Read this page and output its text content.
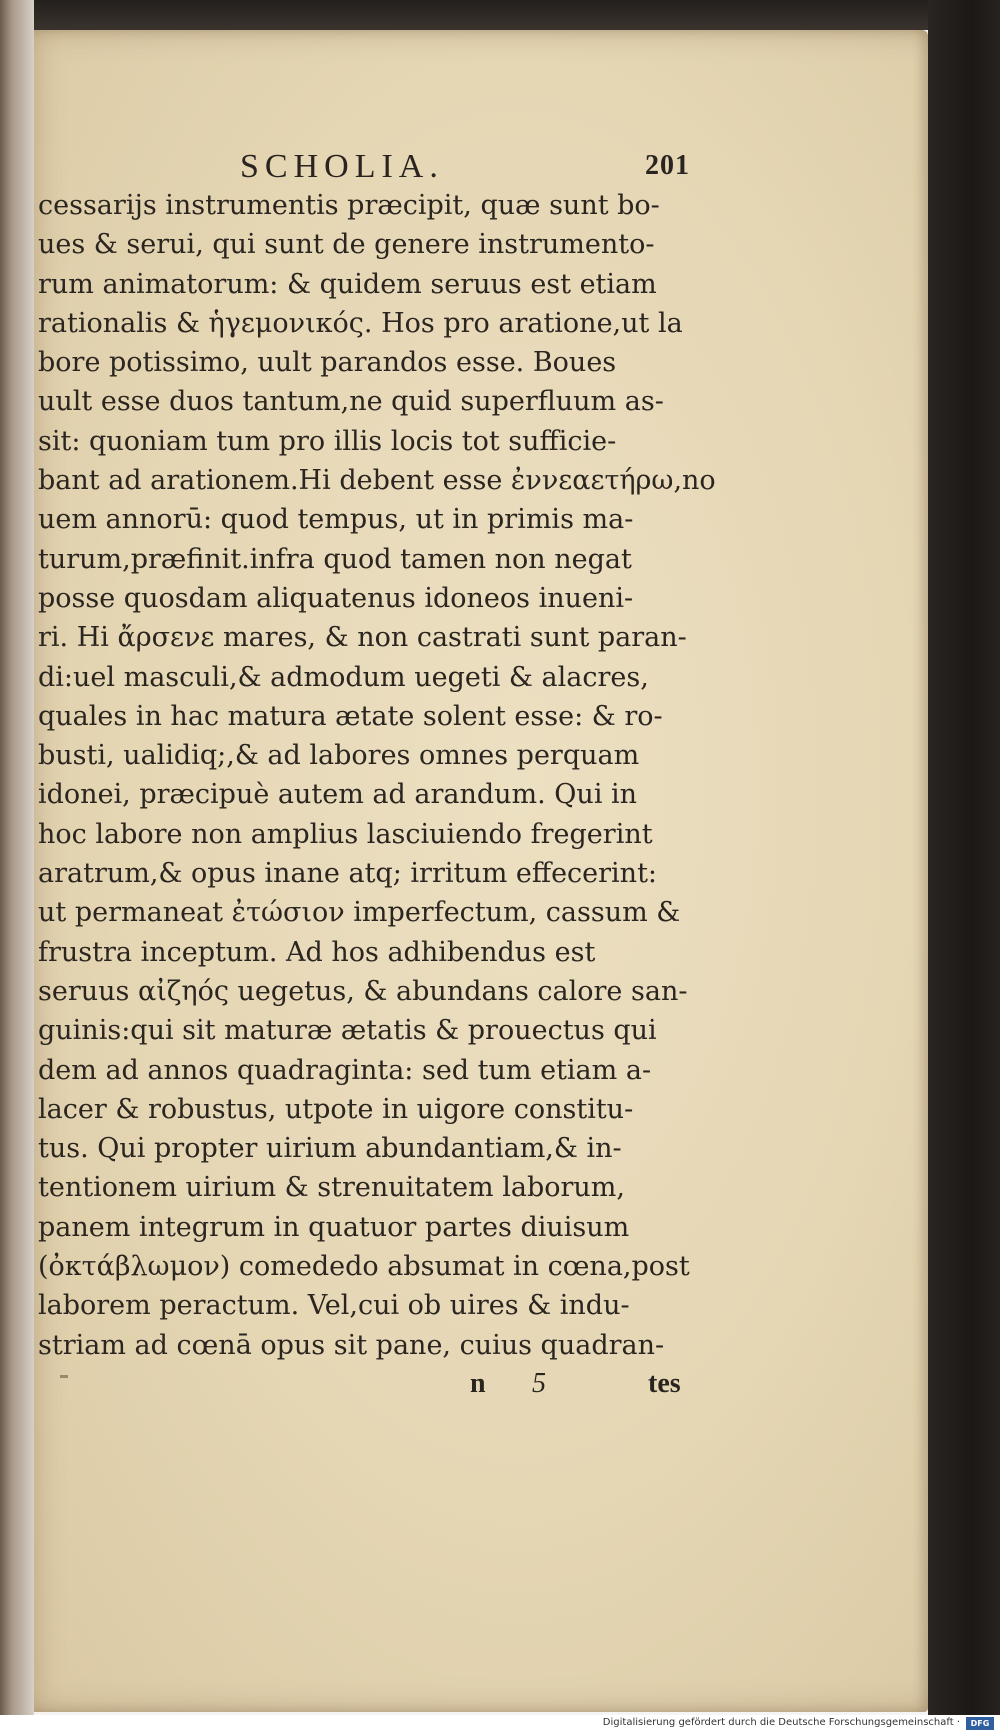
SCHOLIA.	201
cessarijs instrumentis præcipit, quæ sunt bo-
ues & serui, qui sunt de genere instrumento-
rum animatorum: & quidem seruus est etiam
rationalis & ἡγεμονικός. Hos pro aratione,ut la
bore potissimo, uult parandos esse. Boues
uult esse duos tantum,ne quid superfluum as-
sit: quoniam tum pro illis locis tot sufficie-
bant ad arationem.Hi debent esse ἐννεαετήρω,no
uem annorū: quod tempus, ut in primis ma-
turum,præfinit.infra quod tamen non negat
posse quosdam aliquatenus idoneos inueni-
ri. Hi ἄρσενε mares, & non castrati sunt paran-
di:uel masculi,& admodum uegeti & alacres,
quales in hac matura ætate solent esse: & ro-
busti, ualidiq;,& ad labores omnes perquam
idonei, præcipuè autem ad arandum. Qui in
hoc labore non amplius lasciuiendo fregerint
aratrum,& opus inane atq; irritum effecerint:
ut permaneat ἐτώσιον imperfectum, cassum &
frustra inceptum. Ad hos adhibendus est
seruus αἰζηός uegetus, & abundans calore san-
guinis:qui sit maturæ ætatis & prouectus qui
dem ad annos quadraginta: sed tum etiam a-
lacer & robustus, utpote in uigore constitu-
tus. Qui propter uirium abundantiam,& in-
tentionem uirium & strenuitatem laborum,
panem integrum in quatuor partes diuisum
(ὀκτάβλωμον) comededo absumat in cœna,post
laborem peractum. Vel,cui ob uires & indu-
striam ad cœnā opus sit pane, cuius quadran-
n 5	tes
Digitalisierung gefördert durch die Deutsche Forschungsgemeinschaft ·	DFG
